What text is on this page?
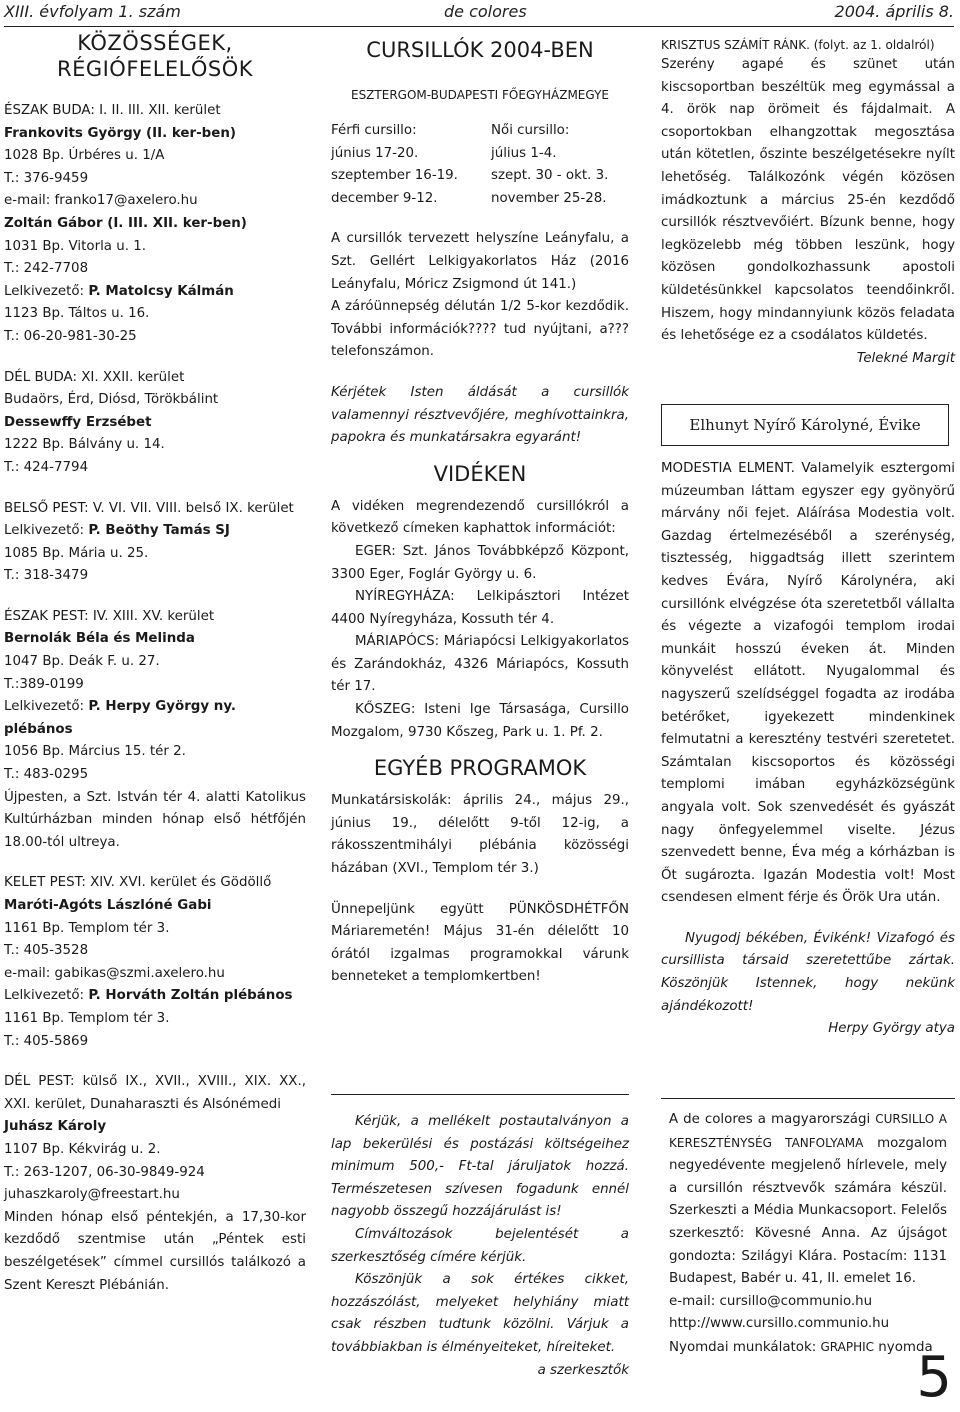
XIII. évfolyam 1. szám	de colores	2004. április 8.
KÖZÖSSÉGEK,
RÉGIÓFELELŐSÖK

ÉSZAK BUDA: I. II. III. XII. kerület

Frankovits György (II. ker-ben)

1028 Bp. Úrbéres u. 1/A

T.: 376-9459

e-mail: franko17@axelero.hu

Zoltán Gábor (I. III. XII. ker-ben)

1031 Bp. Vitorla u. 1.

T.: 242-7708

Lelkivezető: P. Matolcsy Kálmán

1123 Bp. Táltos u. 16.

T.: 06-20-981-30-25

DÉL BUDA: XI. XXII. kerület

Budaörs, Érd, Diósd, Törökbálint

Dessewffy Erzsébet

1222 Bp. Bálvány u. 14.

T.: 424-7794

BELSŐ PEST: V. VI. VII. VIII. belső IX. kerület

Lelkivezető: P. Beöthy Tamás SJ

1085 Bp. Mária u. 25.

T.: 318-3479

ÉSZAK PEST: IV. XIII. XV. kerület

Bernolák Béla és Melinda

1047 Bp. Deák F. u. 27.

T.:389-0199

Lelkivezető: P. Herpy György ny. plébános

1056 Bp. Március 15. tér 2.

T.: 483-0295

Újpesten, a Szt. István tér 4. alatti Katolikus Kultúrházban minden hónap első hétfőjén 18.00-tól ultreya.

KELET PEST: XIV. XVI. kerület és Gödöllő

Maróti-Agóts Lászlóné Gabi

1161 Bp. Templom tér 3.

T.: 405-3528

e-mail: gabikas@szmi.axelero.hu

Lelkivezető: P. Horváth Zoltán plébános

1161 Bp. Templom tér 3.

T.: 405-5869

DÉL PEST: külső IX., XVII., XVIII., XIX. XX., XXI. kerület, Dunaharaszti és Alsónémedi

Juhász Károly

1107 Bp. Kékvirág u. 2.

T.: 263-1207, 06-30-9849-924

juhaszkaroly@freestart.hu

Minden hónap első péntekjén, a 17,30-kor kezdődő szentmise után „Péntek esti beszélgetések” címmel cursillós találkozó a Szent Kereszt Plébánián.

CURSILLÓK 2004-BEN

ESZTERGOM-BUDAPESTI FŐEGYHÁZMEGYE

Férfi cursillo:

június 17-20.

szeptember 16-19.

december 9-12.

Női cursillo:

július 1-4.

szept. 30 - okt. 3.

november 25-28.

A cursillók tervezett helyszíne Leányfalu, a Szt. Gellért Lelkigyakorlatos Ház (2016 Leányfalu, Móricz Zsigmond út 141.)

A záróünnepség délután 1/2 5-kor kezdődik. További információk???? tud nyújtani, a??? telefonszámon.

Kérjétek Isten áldását a cursillók valamennyi résztvevőjére, meghívottainkra, papokra és munkatársakra egyaránt!

VIDÉKEN

A vidéken megrendezendő cursillókról a következő címeken kaphattok információt:

EGER: Szt. János Továbbképző Központ, 3300 Eger, Foglár György u. 6.

NYÍREGYHÁZA: Lelkipásztori Intézet 4400 Nyíregyháza, Kossuth tér 4.

MÁRIAPÓCS: Máriapócsi Lelkigyakorlatos és Zarándokház, 4326 Máriapócs, Kossuth tér 17.

KŐSZEG: Isteni Ige Társasága, Cursillo Mozgalom, 9730 Kőszeg, Park u. 1. Pf. 2.

EGYÉB PROGRAMOK

Munkatársiskolák: április 24., május 29., június 19., délelőtt 9-től 12-ig, a rákosszentmihályi plébánia közösségi házában (XVI., Templom tér 3.)

Ünnepeljünk együtt PÜNKÖSDHÉTFŐN Máriaremetén! Május 31-én délelőtt 10 órától izgalmas programokkal várunk benneteket a templomkertben!

Kérjük, a mellékelt postautalványon a lap bekerülési és postázási költségeihez minimum 500,- Ft-tal járuljatok hozzá. Természetesen szívesen fogadunk ennél nagyobb összegű hozzájárulást is!

Címváltozások bejelentését a szerkesztőség címére kérjük.

Köszönjük a sok értékes cikket, hozzászólást, melyeket helyhiány miatt csak részben tudtunk közölni. Várjuk a továbbiakban is élményeiteket, híreiteket.

a szerkesztők

KRISZTUS SZÁMÍT RÁNK. (folyt. az 1. oldalról)

Szerény agapé és szünet után kiscsoportban beszéltük meg egymással a 4. örök nap örömeit és fájdalmait. A csoportokban elhangzottak megosztása után kötetlen, őszinte beszélgetésekre nyílt lehetőség. Találkozónk végén közösen imádkoztunk a március 25-én kezdődő cursillók résztvevőiért. Bízunk benne, hogy legközelebb még többen leszünk, hogy közösen gondolkozhassunk apostoli küldetésünkkel kapcsolatos teendőinkről. Hiszem, hogy mindannyiunk közös feladata és lehetősége ez a csodálatos küldetés.

Telekné Margit

Elhunyt Nyírő Károlyné, Évike

MODESTIA ELMENT. Valamelyik esztergomi múzeumban láttam egyszer egy gyönyörű márvány női fejet. Aláírása Modestia volt. Gazdag értelmezéséből a szerénység, tisztesség, higgadtság illett szerintem kedves Évára, Nyírő Károlynéra, aki cursillónk elvégzése óta szeretetből vállalta és végezte a vizafogói templom irodai munkáit hosszú éveken át. Minden könyvelést ellátott. Nyugalommal és nagyszerű szelídséggel fogadta az irodába betérőket, igyekezett mindenkinek felmutatni a keresztény testvéri szeretetet. Számtalan kiscsoportos és közösségi templomi imában egyházközségünk angyala volt. Sok szenvedését és gyászát nagy önfegyelemmel viselte. Jézus szenvedett benne, Éva még a kórházban is Őt sugározta. Igazán Modestia volt! Most csendesen elment férje és Örök Ura után.

Nyugodj békében, Évikénk! Vizafogó és cursillista társaid szeretettűbe zártak. Köszönjük Istennek, hogy nekünk ajándékozott!

Herpy György atya

A de colores a magyarországi CURSILLO A KERESZTÉNYSÉG TANFOLYAMA mozgalom negyedévente megjelenő hírlevele, mely a cursillón résztvevők számára készül. Szerkeszti a Média Munkacsoport. Felelős szerkesztő: Kövesné Anna. Az újságot gondozta: Szilágyi Klára. Postacím: 1131 Budapest, Babér u. 41, II. emelet 16.

e-mail: cursillo@communio.hu

http://www.cursillo.communio.hu

Nyomdai munkálatok: GRAPHIC nyomda

5
